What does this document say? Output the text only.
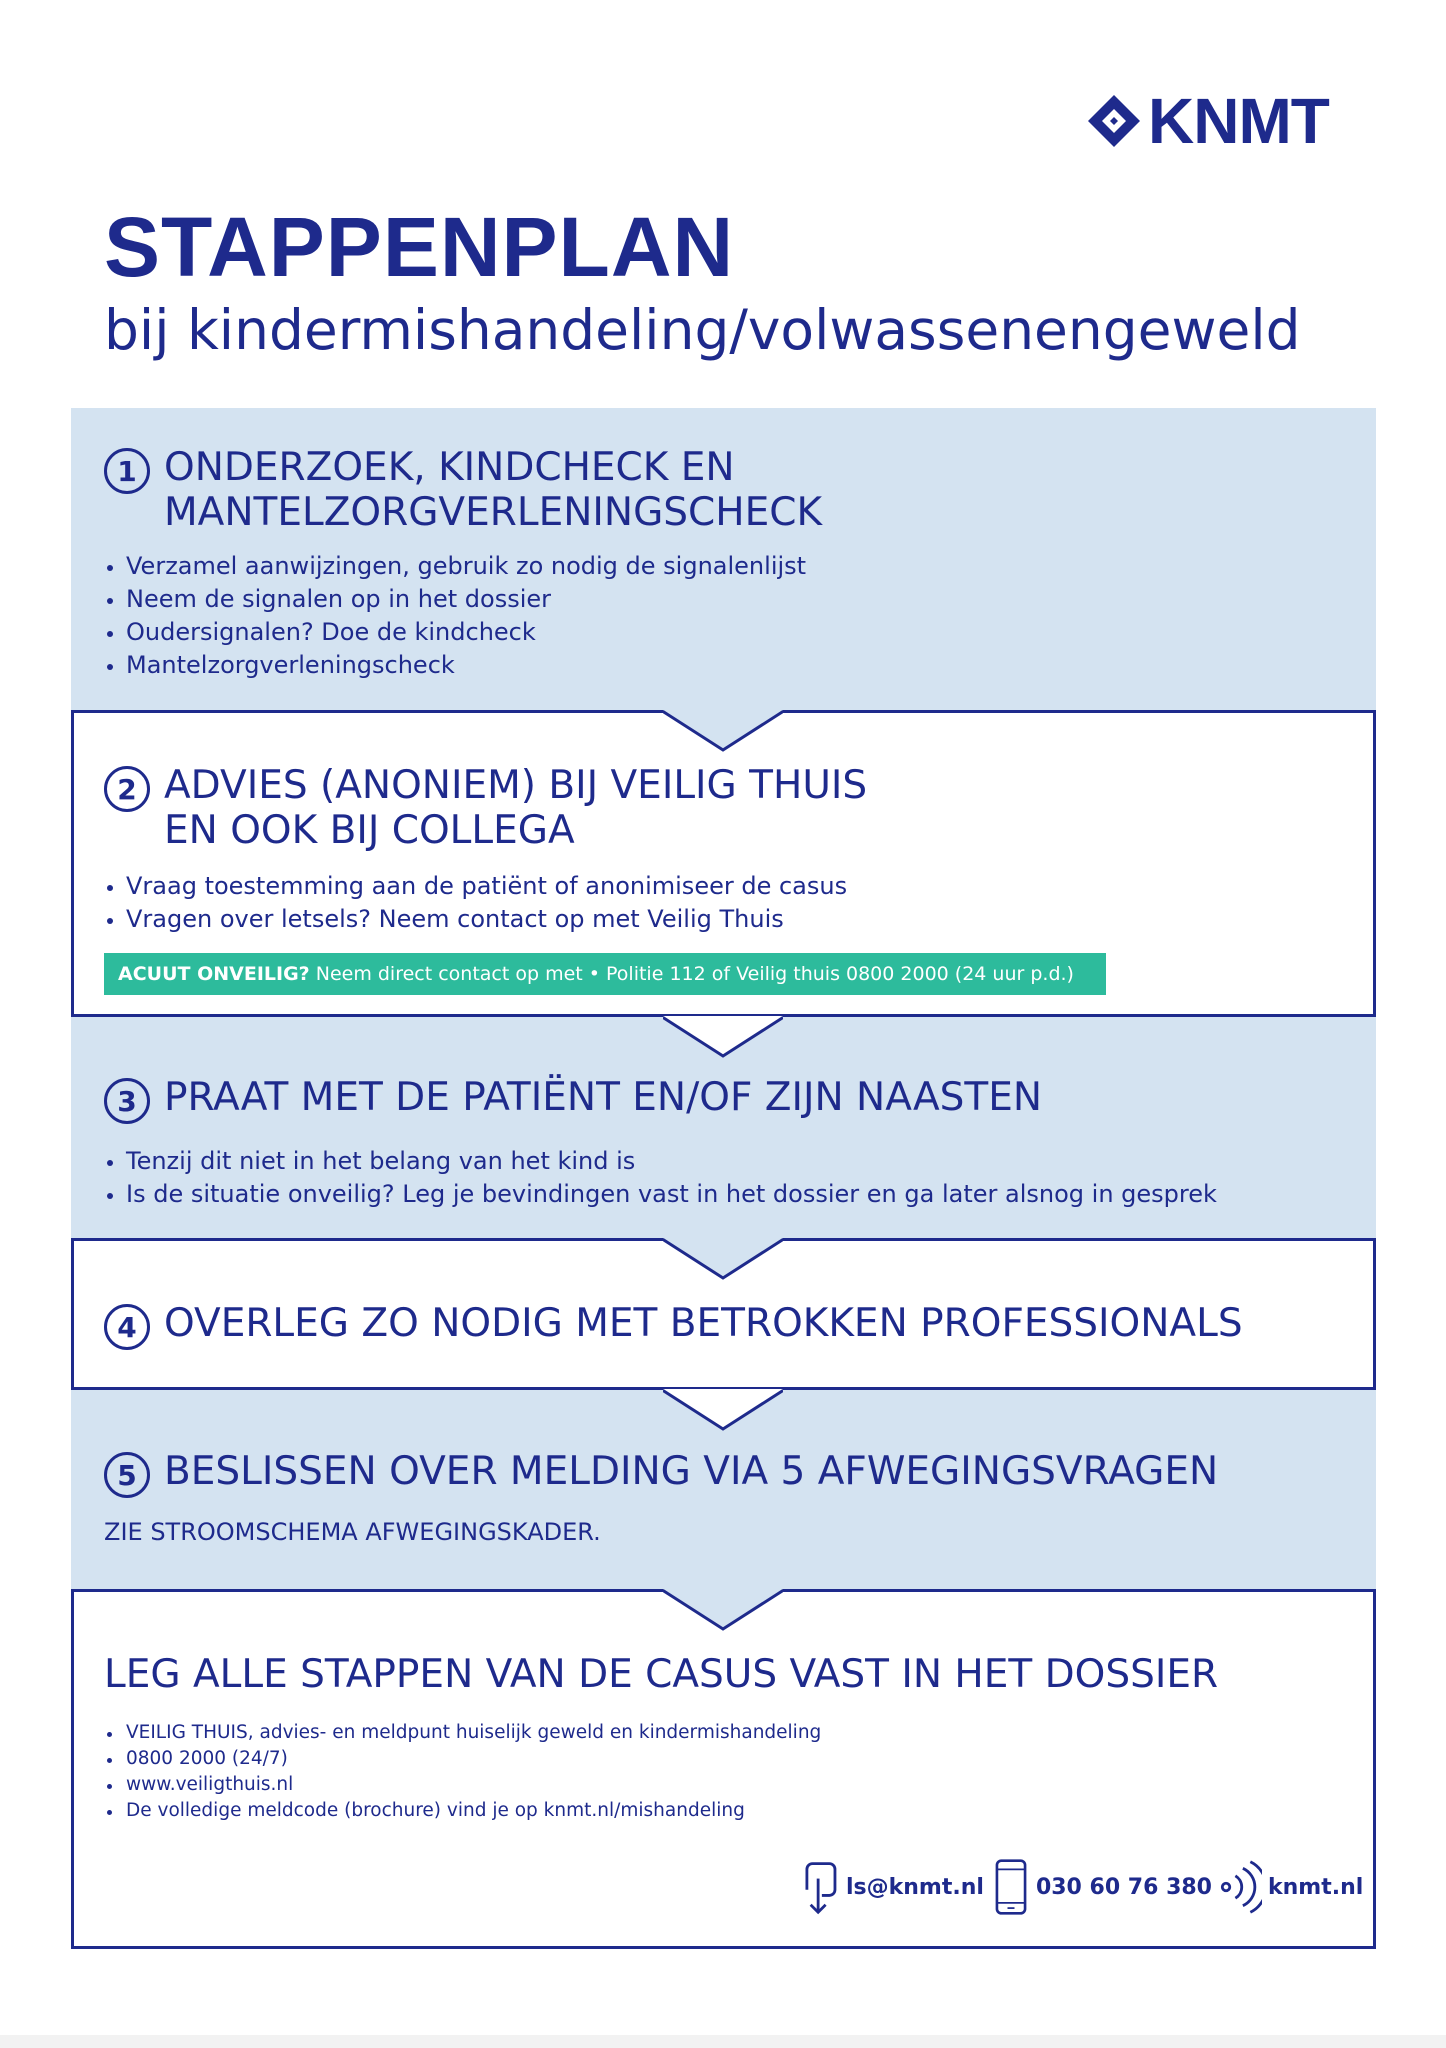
KNMT
STAPPENPLAN
bij kindermishandeling/volwassenengeweld
1 ONDERZOEK, KINDCHECK EN
MANTELZORGVERLENINGSCHECK
Verzamel aanwijzingen, gebruik zo nodig de signalenlijst
Neem de signalen op in het dossier
Oudersignalen? Doe de kindcheck
Mantelzorgverleningscheck
2 ADVIES (ANONIEM) BIJ VEILIG THUIS
EN OOK BIJ COLLEGA
Vraag toestemming aan de patiënt of anonimiseer de casus
Vragen over letsels? Neem contact op met Veilig Thuis
ACUUT ONVEILIG? Neem direct contact op met • Politie 112 of Veilig thuis 0800 2000 (24 uur p.d.)
3 PRAAT MET DE PATIËNT EN/OF ZIJN NAASTEN
Tenzij dit niet in het belang van het kind is
Is de situatie onveilig? Leg je bevindingen vast in het dossier en ga later alsnog in gesprek
4 OVERLEG ZO NODIG MET BETROKKEN PROFESSIONALS
5 BESLISSEN OVER MELDING VIA 5 AFWEGINGSVRAGEN
ZIE STROOMSCHEMA AFWEGINGSKADER.
LEG ALLE STAPPEN VAN DE CASUS VAST IN HET DOSSIER
VEILIG THUIS, advies- en meldpunt huiselijk geweld en kindermishandeling
0800 2000 (24/7)
www.veiligthuis.nl
De volledige meldcode (brochure) vind je op knmt.nl/mishandeling
ls@knmt.nl 030 60 76 380	knmt.nl
